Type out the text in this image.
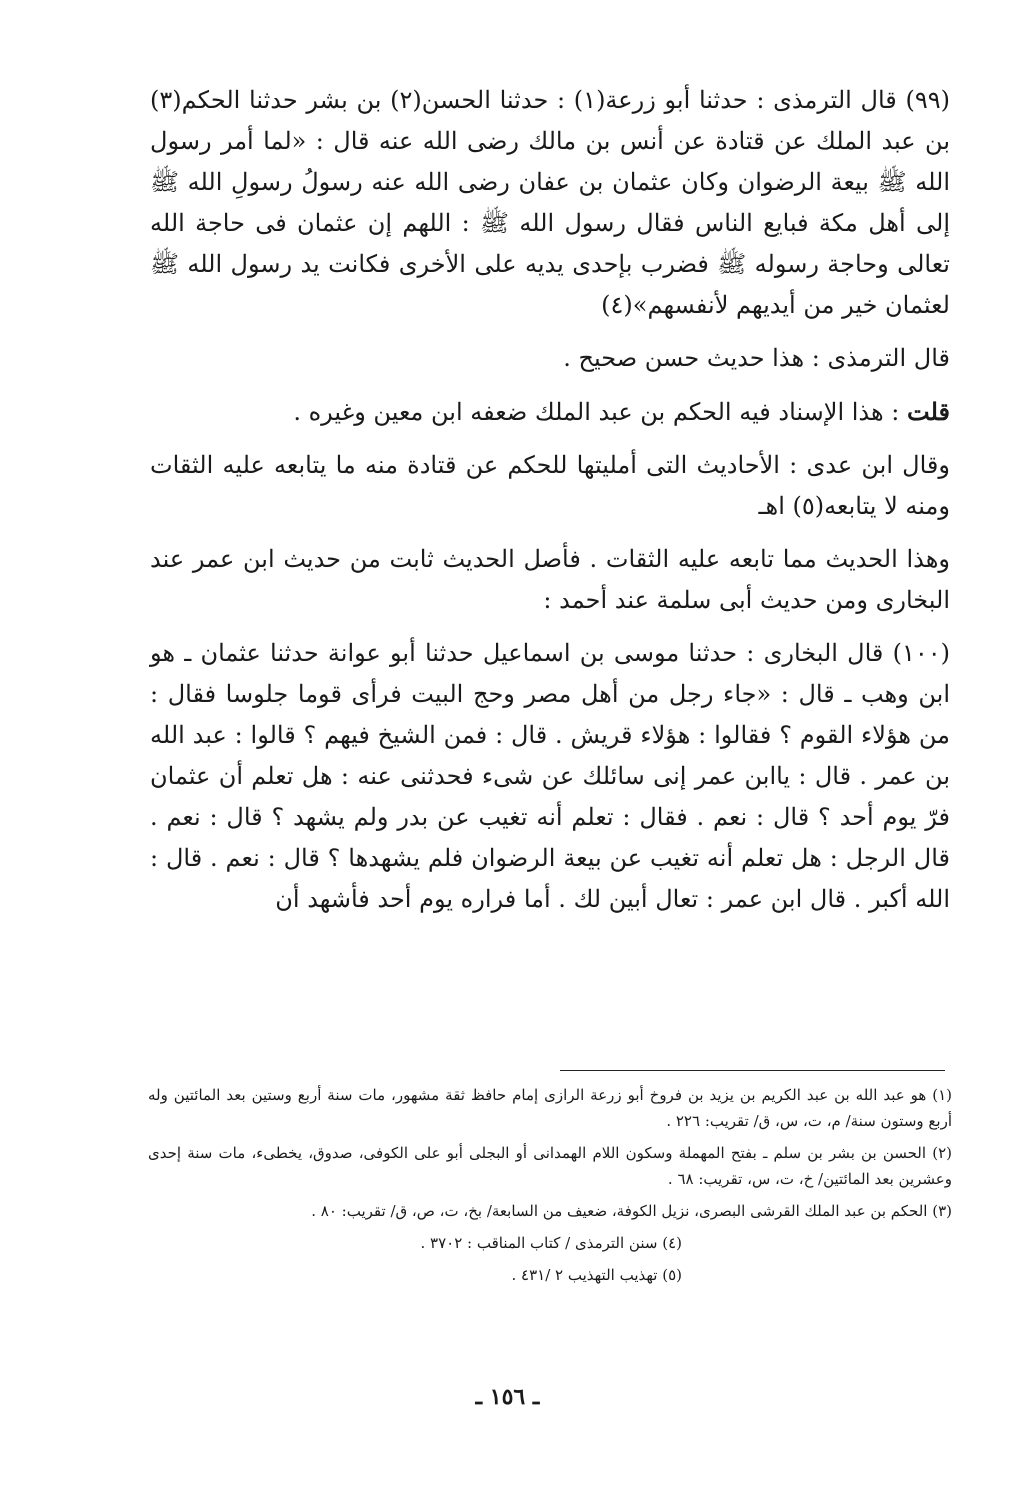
(٩٩) قال الترمذى : حدثنا أبو زرعة(١) : حدثنا الحسن(٢) بن بشر حدثنا الحكم(٣) بن عبد الملك عن قتادة عن أنس بن مالك رضى الله عنه قال : «لما أمر رسول الله ﷺ بيعة الرضوان وكان عثمان بن عفان رضى الله عنه رسولُ رسولِ الله ﷺ إلى أهل مكة فبايع الناس فقال رسول الله ﷺ : اللهم إن عثمان فى حاجة الله تعالى وحاجة رسوله ﷺ فضرب بإحدى يديه على الأخرى فكانت يد رسول الله ﷺ لعثمان خير من أيديهم لأنفسهم»(٤)

قال الترمذى : هذا حديث حسن صحيح .

قلت : هذا الإسناد فيه الحكم بن عبد الملك ضعفه ابن معين وغيره .

وقال ابن عدى : الأحاديث التى أمليتها للحكم عن قتادة منه ما يتابعه عليه الثقات ومنه لا يتابعه(٥) اهـ

وهذا الحديث مما تابعه عليه الثقات . فأصل الحديث ثابت من حديث ابن عمر عند البخارى ومن حديث أبى سلمة عند أحمد :

(١٠٠) قال البخارى : حدثنا موسى بن اسماعيل حدثنا أبو عوانة حدثنا عثمان ـ هو ابن وهب ـ قال : «جاء رجل من أهل مصر وحج البيت فرأى قوما جلوسا فقال : من هؤلاء القوم ؟ فقالوا : هؤلاء قريش . قال : فمن الشيخ فيهم ؟ قالوا : عبد الله بن عمر . قال : ياابن عمر إنى سائلك عن شىء فحدثنى عنه : هل تعلم أن عثمان فرّ يوم أحد ؟ قال : نعم . فقال : تعلم أنه تغيب عن بدر ولم يشهد ؟ قال : نعم . قال الرجل : هل تعلم أنه تغيب عن بيعة الرضوان فلم يشهدها ؟ قال : نعم . قال : الله أكبر . قال ابن عمر : تعال أبين لك . أما فراره يوم أحد فأشهد أن

(١) هو عبد الله بن عبد الكريم بن يزيد بن فروخ أبو زرعة الرازى إمام حافظ ثقة مشهور، مات سنة أربع وستين بعد المائتين وله أربع وستون سنة/ م، ت، س، ق/ تقريب: ٢٢٦ .

(٢) الحسن بن بشر بن سلم ـ بفتح المهملة وسكون اللام الهمدانى أو البجلى أبو على الكوفى، صدوق، يخطىء، مات سنة إحدى وعشرين بعد المائتين/ خ، ت، س، تقريب: ٦٨ .

(٣) الحكم بن عبد الملك القرشى البصرى، نزيل الكوفة، ضعيف من السابعة/ بخ، ت، ص، ق/ تقريب: ٨٠ .

(٤) سنن الترمذى / كتاب المناقب : ٣٧٠٢ .

(٥) تهذيب التهذيب ٢ /٤٣١ .

ـ ١٥٦ ـ
